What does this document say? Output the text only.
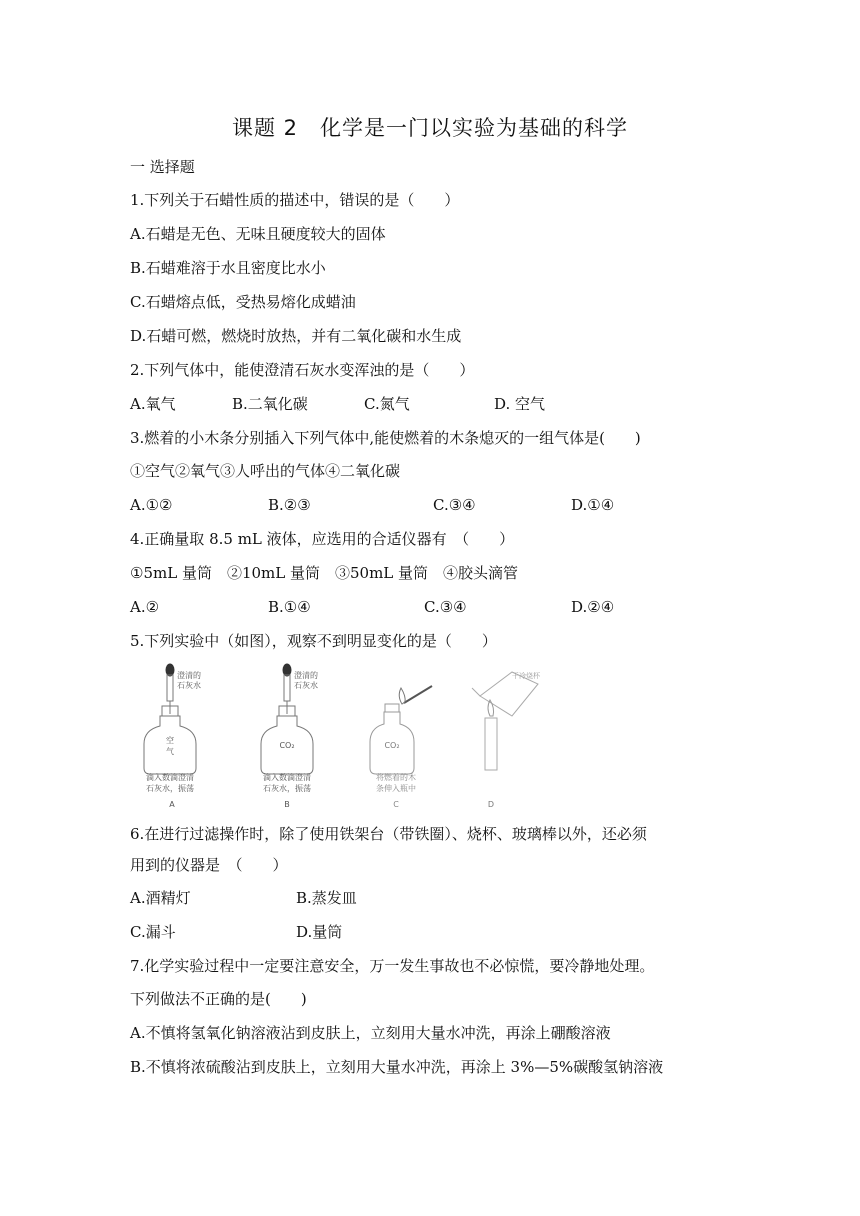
课题 2　化学是一门以实验为基础的科学
一 选择题
1.下列关于石蜡性质的描述中，错误的是（　　）
A.石蜡是无色、无味且硬度较大的固体
B.石蜡难溶于水且密度比水小
C.石蜡熔点低，受热易熔化成蜡油
D.石蜡可燃，燃烧时放热，并有二氧化碳和水生成
2.下列气体中，能使澄清石灰水变浑浊的是（　　）
A.氧气	B.二氧化碳	C.氮气	D. 空气
3.燃着的小木条分别插入下列气体中,能使燃着的木条熄灭的一组气体是(　　)
①空气②氧气③人呼出的气体④二氧化碳
A.①②	B.②③	C.③④	D.①④
4.正确量取 8.5 mL 液体，应选用的合适仪器有　（　　）
①5mL 量筒　②10mL 量筒　③50mL 量筒　④胶头滴管
A.②	B.①④	C.③④	D.②④
5.下列实验中（如图），观察不到明显变化的是（　　）
澄清的
石灰水
空
气
滴入数滴澄清
石灰水，振荡
A
澄清的
石灰水
CO₂
滴入数滴澄清
石灰水，振荡
B
CO₂
将燃着的木
条伸入瓶中
C
干冷烧杯
D
6.在进行过滤操作时，除了使用铁架台（带铁圈）、烧杯、玻璃棒以外，还必须
用到的仪器是　（　　）
A.酒精灯	B.蒸发皿
C.漏斗	D.量筒
7.化学实验过程中一定要注意安全，万一发生事故也不必惊慌，要冷静地处理。
下列做法不正确的是(　　)
A.不慎将氢氧化钠溶液沾到皮肤上，立刻用大量水冲洗，再涂上硼酸溶液
B.不慎将浓硫酸沾到皮肤上，立刻用大量水冲洗，再涂上 3%—5%碳酸氢钠溶液
